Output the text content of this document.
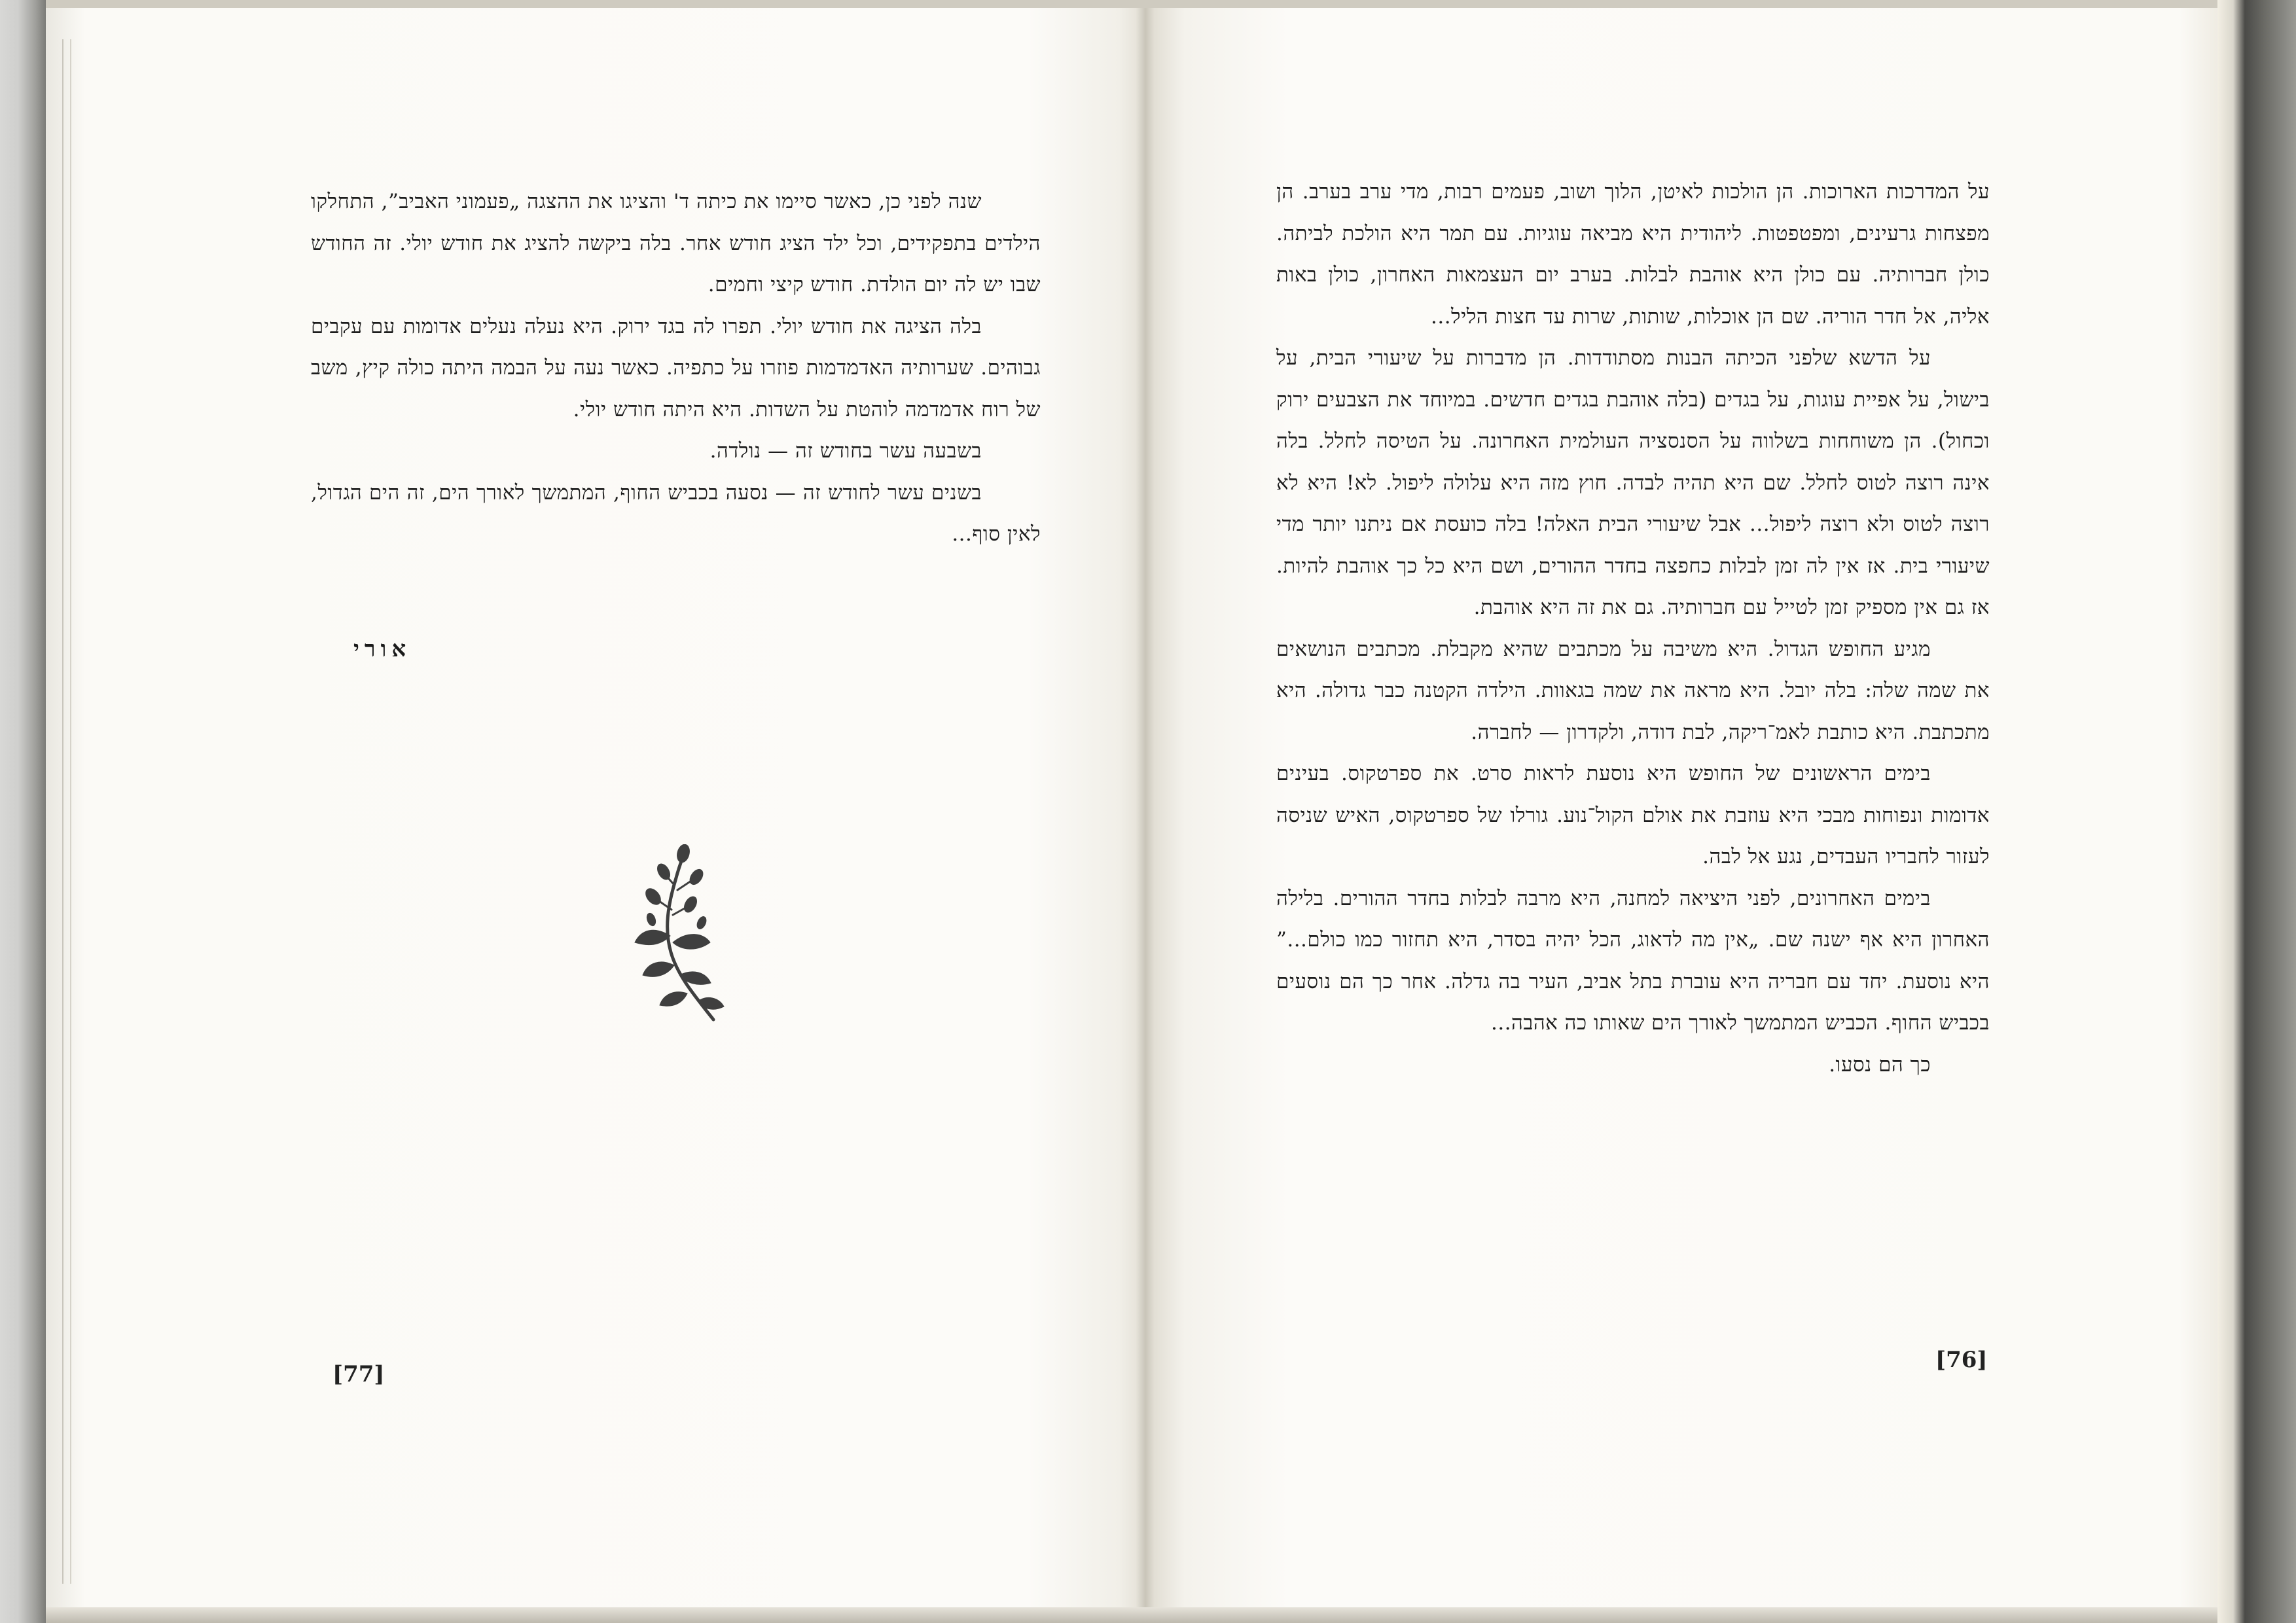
שנה לפני כן, כאשר סיימו את כיתה ד' והציגו את ההצגה „פעמוני האביב”, התחלקו הילדים בתפקידים, וכל ילד הציג חודש אחר. בלה ביקשה להציג את חודש יולי. זה החודש שבו יש לה יום הולדת. חודש קיצי וחמים.

בלה הציגה את חודש יולי. תפרו לה בגד ירוק. היא נעלה נעלים אדומות עם עקבים גבוהים. שערותיה האדמדמות פוזרו על כתפיה. כאשר נעה על הבמה היתה כולה קיץ, משב של רוח אדמדמה לוהטת על השדות. היא היתה חודש יולי.

בשבעה עשר בחודש זה — נולדה.

בשנים עשר לחודש זה — נסעה בכביש החוף, המתמשך לאורך הים, זה הים הגדול, לאין סוף...

אורי
[77]

על המדרכות הארוכות. הן הולכות לאיטן, הלוך ושוב, פעמים רבות, מדי ערב בערב. הן מפצחות גרעינים, ומפטפטות. ליהודית היא מביאה עוגיות. עם תמר היא הולכת לביתה. כולן חברותיה. עם כולן היא אוהבת לבלות. בערב יום העצמאות האחרון, כולן באות אליה, אל חדר הוריה. שם הן אוכלות, שותות, שרות עד חצות הליל...

על הדשא שלפני הכיתה הבנות מסתודדות. הן מדברות על שיעורי הבית, על בישול, על אפיית עוגות, על בגדים (בלה אוהבת בגדים חדשים. במיוחד את הצבעים ירוק וכחול). הן משוחחות בשלווה על הסנסציה העולמית האחרונה. על הטיסה לחלל. בלה אינה רוצה לטוס לחלל. שם היא תהיה לבדה. חוץ מזה היא עלולה ליפול. לא! היא לא רוצה לטוס ולא רוצה ליפול... אבל שיעורי הבית האלה! בלה כועסת אם ניתנו יותר מדי שיעורי בית. אז אין לה זמן לבלות כחפצה בחדר ההורים, ושם היא כל כך אוהבת להיות. אז גם אין מספיק זמן לטייל עם חברותיה. גם את זה היא אוהבת.

מגיע החופש הגדול. היא משיבה על מכתבים שהיא מקבלת. מכתבים הנושאים את שמה שלה: בלה יובל. היא מראה את שמה בגאוות. הילדה הקטנה כבר גדולה. היא מתכתבת. היא כותבת לאמ־ריקה, לבת דודה, ולקדרון — לחברה.

בימים הראשונים של החופש היא נוסעת לראות סרט. את ספרטקוס. בעינים אדומות ונפוחות מבכי היא עוזבת את אולם הקול־נוע. גורלו של ספרטקוס, האיש שניסה לעזור לחבריו העבדים, נגע אל לבה.

בימים האחרונים, לפני היציאה למחנה, היא מרבה לבלות בחדר ההורים. בלילה האחרון היא אף ישנה שם. „אין מה לדאוג, הכל יהיה בסדר, היא תחזור כמו כולם...” היא נוסעת. יחד עם חבריה היא עוברת בתל אביב, העיר בה גדלה. אחר כך הם נוסעים בכביש החוף. הכביש המתמשך לאורך הים שאותו כה אהבה...

כך הם נסעו.

[76]
